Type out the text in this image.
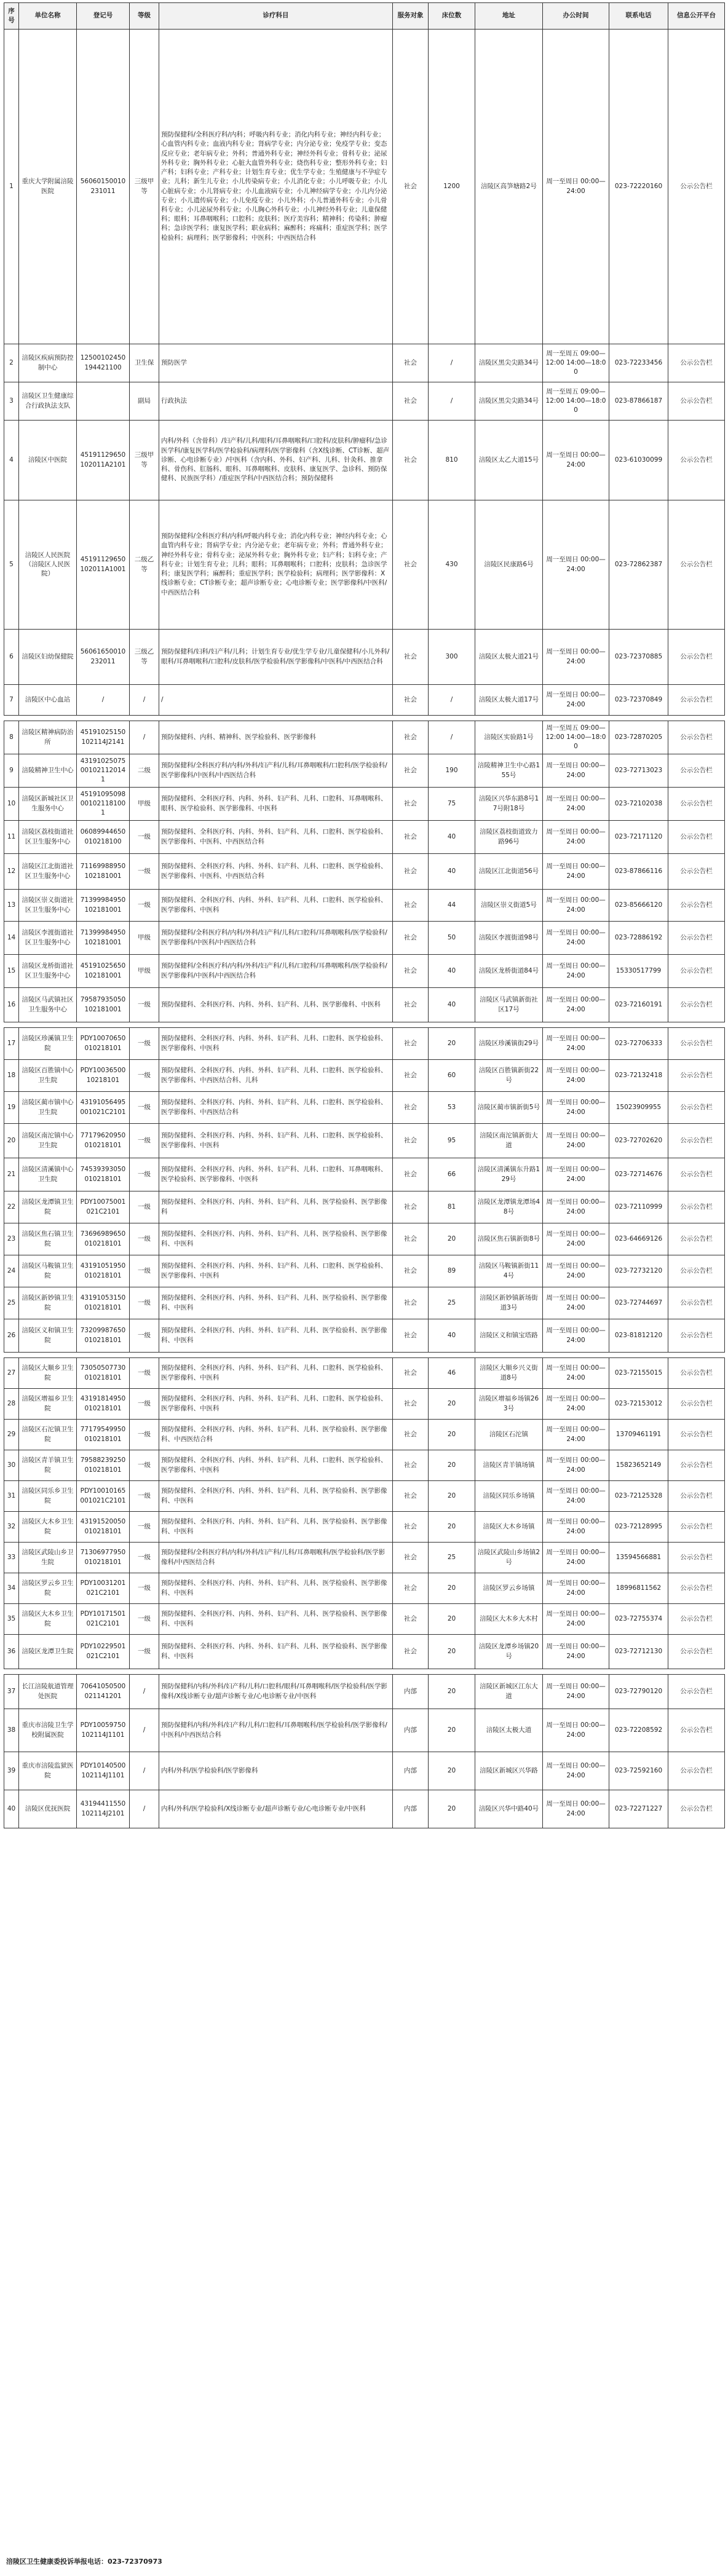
序号	单位名称	登记号	等级	诊疗科目	服务对象	床位数	地址	办公时间	联系电话	信息公开平台
1	重庆大学附属涪陵医院	56060150010231011	三级甲等	预防保健科/全科医疗科/内科；呼吸内科专业；消化内科专业；神经内科专业；心血管内科专业；血液内科专业；肾病学专业；内分泌专业；免疫学专业；变态反应专业；老年病专业；外科；普通外科专业；神经外科专业；骨科专业；泌尿外科专业；胸外科专业；心脏大血管外科专业；烧伤科专业；整形外科专业；妇产科；妇科专业；产科专业；计划生育专业；优生学专业；生殖健康与不孕症专业；儿科；新生儿专业；小儿传染病专业；小儿消化专业；小儿呼吸专业；小儿心脏病专业；小儿肾病专业；小儿血液病专业；小儿神经病学专业；小儿内分泌专业；小儿遗传病专业；小儿免疫专业；小儿外科；小儿普通外科专业；小儿骨科专业；小儿泌尿外科专业；小儿胸心外科专业；小儿神经外科专业；儿童保健科；眼科；耳鼻咽喉科；口腔科；皮肤科；医疗美容科；精神科；传染科；肿瘤科；急诊医学科；康复医学科；职业病科；麻醉科；疼痛科；重症医学科；医学检验科；病理科；医学影像科；中医科；中西医结合科	社会	1200	涪陵区高笋塘路2号	周一至周日 00:00—24:00	023-72220160	公示公告栏
2	涪陵区疾病预防控制中心	12500102450194421100	卫生保	预防医学	社会	/	涪陵区黑尖尖路34号	周一至周五 09:00—12:00 14:00—18:00	023-72233456	公示公告栏
3	涪陵区卫生健康综合行政执法支队		副局	行政执法	社会	/	涪陵区黑尖尖路34号	周一至周五 09:00—12:00 14:00—18:00	023-87866187	公示公告栏
4	涪陵区中医院	45191129650102011A2101	三级甲等	内科/外科（含骨科）/妇产科/儿科/眼科/耳鼻咽喉科/口腔科/皮肤科/肿瘤科/急诊医学科/康复医学科/医学检验科/病理科/医学影像科（含X线诊断、CT诊断、超声诊断、心电诊断专业）/中医科（含内科、外科、妇产科、儿科、针灸科、推拿科、骨伤科、肛肠科、眼科、耳鼻咽喉科、皮肤科、康复医学、急诊科、预防保健科、民族医学科）/重症医学科/中西医结合科；预防保健科	社会	810	涪陵区太乙大道15号	周一至周日 00:00—24:00	023-61030099	公示公告栏
5	涪陵区人民医院（涪陵区人民医院）	45191129650102011A1001	二级乙等	预防保健科/全科医疗科/内科/呼吸内科专业；消化内科专业；神经内科专业；心血管内科专业；肾病学专业；内分泌专业；老年病专业；外科；普通外科专业；神经外科专业；骨科专业；泌尿外科专业；胸外科专业；妇产科；妇科专业；产科专业；计划生育专业；儿科；眼科；耳鼻咽喉科；口腔科；皮肤科；急诊医学科；康复医学科；麻醉科；重症医学科；医学检验科；病理科；医学影像科：X线诊断专业；CT诊断专业；超声诊断专业；心电诊断专业；医学影像科/中医科/中西医结合科	社会	430	涪陵区民康路6号	周一至周日 00:00—24:00	023-72862387	公示公告栏
6	涪陵区妇幼保健院	56061650010232011	三级乙等	预防保健科/妇科/妇产科/儿科；计划生育专业/优生学专业/儿童保健科/小儿外科/眼科/耳鼻咽喉科/口腔科/皮肤科/医学检验科/医学影像科/中医科/中西医结合科	社会	300	涪陵区太极大道21号	周一至周日 00:00—24:00	023-72370885	公示公告栏
7	涪陵区中心血站	/	/	/	社会	/	涪陵区太极大道17号	周一至周日 00:00—24:00	023-72370849	公示公告栏

8	涪陵区精神病防治所	45191025150102114J2141	/	预防保健科、内科、精神科、医学检验科、医学影像科	社会	/	涪陵区实验路1号	周一至周五 09:00—12:00 14:00—18:00	023-72870205	公示公告栏
9	涪陵精神卫生中心	43191025075001021120141	二级	预防保健科/全科医疗科/内科/外科/妇产科/儿科/耳鼻咽喉科/口腔科/医学检验科/医学影像科/中医科/中西医结合科	社会	190	涪陵精神卫生中心路155号	周一至周日 00:00—24:00	023-72713023	公示公告栏
10	涪陵区新城社区卫生服务中心	45191095098001021181001	甲级	预防保健科、全科医疗科、内科、外科、妇产科、儿科、口腔科、耳鼻咽喉科、眼科、医学检验科、医学影像科、中医科	社会	75	涪陵区兴华东路8号17号附18号	周一至周日 00:00—24:00	023-72102038	公示公告栏
11	涪陵区荔枝街道社区卫生服务中心	06089944650010218100	一级	预防保健科、全科医疗科、内科、外科、妇产科、儿科、口腔科、医学检验科、医学影像科、中医科、中西医结合科	社会	40	涪陵区荔枝街道致力路96号	周一至周日 00:00—24:00	023-72171120	公示公告栏
12	涪陵区江北街道社区卫生服务中心	71169988950102181001	一级	预防保健科、全科医疗科、内科、外科、妇产科、儿科、口腔科、医学检验科、医学影像科、中医科、中西医结合科	社会	40	涪陵区江北街道56号	周一至周日 00:00—24:00	023-87866116	公示公告栏
13	涪陵区崇义街道社区卫生服务中心	71399984950102181001	一级	预防保健科、全科医疗科、内科、外科、妇产科、儿科、口腔科、医学检验科、医学影像科、中医科	社会	44	涪陵区崇义街道5号	周一至周日 00:00—24:00	023-85666120	公示公告栏
14	涪陵区李渡街道社区卫生服务中心	71399984950102181001	甲级	预防保健科/全科医疗科/内科/外科/妇产科/儿科/口腔科/耳鼻咽喉科/医学检验科/医学影像科/中医科/中西医结合科	社会	50	涪陵区李渡街道98号	周一至周日 00:00—24:00	023-72886192	公示公告栏
15	涪陵区龙桥街道社区卫生服务中心	45191025650102181001	甲级	预防保健科/全科医疗科/内科/外科/妇产科/儿科/口腔科/耳鼻咽喉科/医学检验科/医学影像科/中医科/中西医结合科	社会	40	涪陵区龙桥街道84号	周一至周日 00:00—24:00	15330517799	公示公告栏
16	涪陵区马武镇社区卫生服务中心	79587935050102181001	一级	预防保健科、全科医疗科、内科、外科、妇产科、儿科、医学影像科、中医科	社会	40	涪陵区马武镇新街社区17号	周一至周日 00:00—24:00	023-72160191	公示公告栏

17	涪陵区珍溪镇卫生院	PDY10070650010218101	一级	预防保健科、全科医疗科、内科、外科、妇产科、儿科、口腔科、医学检验科、医学影像科、中医科	社会	20	涪陵区珍溪镇街29号	周一至周日 00:00—24:00	023-72706333	公示公告栏
18	涪陵区百胜镇中心卫生院	PDY1003650010218101	一级	预防保健科、全科医疗科、内科、外科、妇产科、儿科、口腔科、医学检验科、医学影像科、中西医结合科、儿科	社会	60	涪陵区百胜镇新街22号	周一至周日 00:00—24:00	023-72132418	公示公告栏
19	涪陵区蔺市镇中心卫生院	43191056495001021C2101	一级	预防保健科、全科医疗科、内科、外科、妇产科、儿科、口腔科、医学检验科、医学影像科、中西医结合科	社会	53	涪陵区蔺市镇新街5号	周一至周日 00:00—24:00	15023909955	公示公告栏
20	涪陵区南沱镇中心卫生院	77179620950010218101	一级	预防保健科、全科医疗科、内科、外科、妇产科、儿科、口腔科、医学检验科、医学影像科、中医科	社会	95	涪陵区南沱镇新街大道	周一至周日 00:00—24:00	023-72702620	公示公告栏
21	涪陵区清溪镇中心卫生院	74539393050010218101	一级	预防保健科、全科医疗科、内科、外科、妇产科、儿科、口腔科、耳鼻咽喉科、医学检验科、医学影像科、中医科	社会	66	涪陵区清溪镇东升路129号	周一至周日 00:00—24:00	023-72714676	公示公告栏
22	涪陵区龙潭镇卫生院	PDY10075001021C2101	一级	预防保健科、全科医疗科、内科、外科、妇产科、儿科、医学检验科、医学影像科	社会	81	涪陵区龙潭镇龙潭场48号	周一至周日 00:00—24:00	023-72110999	公示公告栏
23	涪陵区焦石镇卫生院	73696989650010218101	一级	预防保健科、全科医疗科、内科、外科、妇产科、儿科、医学检验科、医学影像科、中医科	社会	20	涪陵区焦石镇新街8号	周一至周日 00:00—24:00	023-64669126	公示公告栏
24	涪陵区马鞍镇卫生院	43191051950010218101	一级	预防保健科、全科医疗科、内科、外科、妇产科、儿科、口腔科、医学检验科、医学影像科、中医科	社会	89	涪陵区马鞍镇新街114号	周一至周日 00:00—24:00	023-72732120	公示公告栏
25	涪陵区新妙镇卫生院	43191053150010218101	一级	预防保健科、全科医疗科、内科、外科、妇产科、儿科、医学检验科、医学影像科、中医科	社会	25	涪陵区新妙镇新场街道3号	周一至周日 00:00—24:00	023-72744697	公示公告栏
26	涪陵区义和镇卫生院	73209987650010218101	一级	预防保健科、全科医疗科、内科、外科、妇产科、儿科、医学检验科、医学影像科、中医科	社会	40	涪陵区义和镇宝塔路	周一至周日 00:00—24:00	023-81812120	公示公告栏

27	涪陵区大顺乡卫生院	73050507730010218101	一级	预防保健科、全科医疗科、内科、外科、妇产科、儿科、口腔科、医学检验科、医学影像科、中医科	社会	46	涪陵区大顺乡兴义街道8号	周一至周日 00:00—24:00	023-72155015	公示公告栏
28	涪陵区增福乡卫生院	43191814950010218101	一级	预防保健科、全科医疗科、内科、外科、妇产科、儿科、口腔科、医学检验科、医学影像科、中医科	社会	20	涪陵区增福乡场镇263号	周一至周日 00:00—24:00	023-72153012	公示公告栏
29	涪陵区石沱镇卫生院	77179549950010218101	一级	预防保健科、全科医疗科、内科、外科、妇产科、儿科、医学检验科、医学影像科、中西医结合科	社会	20	涪陵区石沱镇	周一至周日 00:00—24:00	13709461191	公示公告栏
30	涪陵区青羊镇卫生院	79588239250010218101	一级	预防保健科、全科医疗科、内科、外科、妇产科、儿科、口腔科、医学检验科、医学影像科、中医科	社会	20	涪陵区青羊镇场镇	周一至周日 00:00—24:00	15823652149	公示公告栏
31	涪陵区同乐乡卫生院	PDY10010165001021C2101	一级	预防保健科、全科医疗科、内科、外科、妇产科、儿科、医学检验科、医学影像科、中医科	社会	20	涪陵区同乐乡场镇	周一至周日 00:00—24:00	023-72125328	公示公告栏
32	涪陵区大木乡卫生院	43191520050010218101	一级	预防保健科、全科医疗科、内科、外科、妇产科、儿科、医学检验科、医学影像科、中医科	社会	20	涪陵区大木乡场镇	周一至周日 00:00—24:00	023-72128995	公示公告栏
33	涪陵区武陵山乡卫生院	71306977950010218101	一级	预防保健科/全科医疗科/内科/外科/妇产科/儿科/耳鼻咽喉科/医学检验科/医学影像科/中西医结合科	社会	25	涪陵区武陵山乡场镇2号	周一至周日 00:00—24:00	13594566881	公示公告栏
34	涪陵区罗云乡卫生院	PDY10031201021C2101	一级	预防保健科、全科医疗科、内科、外科、妇产科、儿科、医学检验科、医学影像科、中医科	社会	20	涪陵区罗云乡场镇	周一至周日 00:00—24:00	18996811562	公示公告栏
35	涪陵区大木乡卫生院	PDY10171501021C2101	一级	预防保健科、全科医疗科、内科、外科、妇产科、儿科、医学检验科、医学影像科、中医科	社会	20	涪陵区大木乡大木村	周一至周日 00:00—24:00	023-72755374	公示公告栏
36	涪陵区龙潭卫生院	PDY10229501021C2101	一级	预防保健科、全科医疗科、内科、外科、妇产科、儿科、医学检验科、医学影像科、中医科	社会	20	涪陵区龙潭乡场镇20号	周一至周日 00:00—24:00	023-72712130	公示公告栏

37	长江涪陵航道管理处医院	70641050500021141201	/	预防保健科/内科/外科/妇产科/儿科/口腔科/眼科/耳鼻咽喉科/医学检验科/医学影像科/X线诊断专业/超声诊断专业/心电诊断专业/中医科	内部	20	涪陵区新城区江东大道	周一至周日 00:00—24:00	023-72790120	公示公告栏
38	重庆市涪陵卫生学校附属医院	PDY10059750102114J1101	/	预防保健科/内科/外科/妇产科/儿科/口腔科/耳鼻咽喉科/医学检验科/医学影像科/中医科/中西医结合科	内部	20	涪陵区太极大道	周一至周日 00:00—24:00	023-72208592	公示公告栏
39	重庆市涪陵监狱医院	PDY10140500102114J1101	/	内科/外科/医学检验科/医学影像科	内部	20	涪陵区新城区兴华路	周一至周日 00:00—24:00	023-72592160	公示公告栏
40	涪陵区优抚医院	43194411550102114J2101	/	内科/外科/医学检验科/X线诊断专业/超声诊断专业/心电诊断专业/中医科	内部	20	涪陵区兴华中路40号	周一至周日 00:00—24:00	023-72271227	公示公告栏
涪陵区卫生健康委投诉举报电话：023-72370973
